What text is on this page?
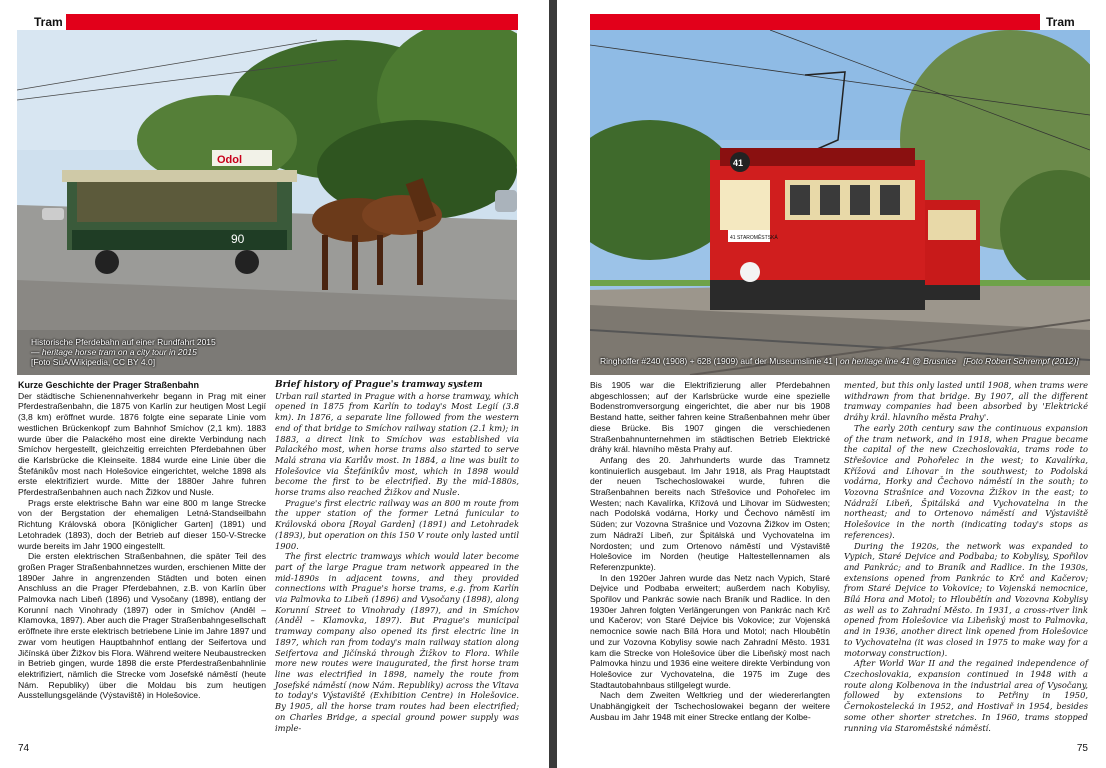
Tram
Odol
90
Historische Pferdebahn auf einer Rundfahrt 2015
— heritage horse tram on a city tour in 2015
[Foto SuA/Wikipedia, CC BY 4.0]

Kurze Geschichte der Prager Straßenbahn

Der städtische Schienennahverkehr begann in Prag mit einer Pferdestraßenbahn, die 1875 von Karlín zur heutigen Most Legií (3,8 km) eröffnet wurde. 1876 folgte eine separate Linie vom westlichen Brückenkopf zum Bahnhof Smíchov (2,1 km). 1883 wurde über die Palackého most eine direkte Verbindung nach Smíchov hergestellt, gleichzeitig erreichten Pferdebahnen über die Karlsbrücke die Kleinseite. 1884 wurde eine Linie über die Štefánikův most nach Holešovice eingerichtet, welche 1898 als erste elektrifiziert wurde. Mitte der 1880er Jahre fuhren Pferdestraßenbahnen auch nach Žižkov und Nusle.

Prags erste elektrische Bahn war eine 800 m lange Strecke von der Bergstation der ehemaligen Letná-Standseilbahn Richtung Královská obora [Königlicher Garten] (1891) und Letohradek (1893), doch der Betrieb auf dieser 150-V-Strecke wurde bereits im Jahr 1900 eingestellt.

Die ersten elektrischen Straßenbahnen, die später Teil des großen Prager Straßenbahnnetzes wurden, erschienen Mitte der 1890er Jahre in angrenzenden Städten und boten einen Anschluss an die Prager Pferdebahnen, z.B. von Karlín über Palmovka nach Libeň (1896) und Vysočany (1898), entlang der Korunní nach Vinohrady (1897) oder in Smíchov (Anděl – Klamovka, 1897). Aber auch die Prager Straßenbahngesellschaft eröffnete ihre erste elektrisch betriebene Linie im Jahre 1897 und zwar vom heutigen Hauptbahnhof entlang der Seifertova und Jičínská über Žižkov bis Flora. Während weitere Neubaustrecken in Betrieb gingen, wurde 1898 die erste Pferdestraßenbahnlinie elektrifiziert, nämlich die Strecke vom Josefské náměstí (heute Nám. Republiky) über die Moldau bis zum heutigen Ausstellungsgelände (Výstaviště) in Holešovice.

Brief history of Prague's tramway system

Urban rail started in Prague with a horse tramway, which opened in 1875 from Karlín to today's Most Legií (3.8 km). In 1876, a separate line followed from the western end of that bridge to Smíchov railway station (2.1 km); in 1883, a direct link to Smíchov was established via Palackého most, when horse trams also started to serve Malá strana via Karlův most. In 1884, a line was built to Holešovice via Štefánikův most, which in 1898 would become the first to be electrified. By the mid-1880s, horse trams also reached Žižkov and Nusle.

Prague's first electric railway was an 800 m route from the upper station of the former Letná funicular to Královská obora [Royal Garden] (1891) and Letohradek (1893), but operation on this 150 V route only lasted until 1900.

The first electric tramways which would later become part of the large Prague tram network appeared in the mid-1890s in adjacent towns, and they provided connections with Prague's horse trams, e.g. from Karlín via Palmovka to Libeň (1896) and Vysočany (1898), along Korunní Street to Vinohrady (1897), and in Smíchov (Anděl – Klamovka, 1897). But Prague's municipal tramway company also opened its first electric line in 1897, which ran from today's main railway station along Seifertova and Jičínská through Žižkov to Flora. While more new routes were inaugurated, the first horse tram line was electrified in 1898, namely the route from Josefské náměstí (now Nám. Republiky) across the Vltava to today's Výstaviště (Exhibition Centre) in Holešovice. By 1905, all the horse tram routes had been electrified; on Charles Bridge, a special ground power supply was imple-

74
Tram
41
41 STAROMĚSTSKÁ
Ringhoffer #240 (1908) + 628 (1909) auf der Museumslinie 41 | on heritage line 41 @ Brusnice [Foto Robert Schrempf (2012)]

Bis 1905 war die Elektrifizierung aller Pferdebahnen abgeschlossen; auf der Karlsbrücke wurde eine spezielle Bodenstromversorgung eingerichtet, die aber nur bis 1908 Bestand hatte, seither fahren keine Straßenbahnen mehr über diese Brücke. Bis 1907 gingen die verschiedenen Straßenbahnunternehmen im städtischen Betrieb Elektrické dráhy král. hlavního města Prahy auf.

Anfang des 20. Jahrhunderts wurde das Tramnetz kontinuierlich ausgebaut. Im Jahr 1918, als Prag Hauptstadt der neuen Tschechoslowakei wurde, fuhren die Straßenbahnen bereits nach Střešovice und Pohořelec im Westen; nach Kavalírka, Křížová und Lihovar im Südwesten; nach Podolská vodárna, Horky und Čechovo náměstí im Süden; zur Vozovna Strašnice und Vozovna Žižkov im Osten; zum Nádraží Libeň, zur Špitálská und Vychovatelna im Nordosten; und zum Ortenovo náměstí und Výstaviště Holešovice im Norden (heutige Haltestellennamen als Referenzpunkte).

In den 1920er Jahren wurde das Netz nach Vypich, Staré Dejvice und Podbaba erweitert; außerdem nach Kobylisy, Spořilov und Pankrác sowie nach Braník und Radlice. In den 1930er Jahren folgten Verlängerungen von Pankrác nach Krč und Kačerov; von Staré Dejvice bis Vokovice; zur Vojenská nemocnice sowie nach Bílá Hora und Motol; nach Hloubětín und zur Vozovna Kobylisy sowie nach Zahradní Město. 1931 kam die Strecke von Holešovice über die Libeňský most nach Palmovka hinzu und 1936 eine weitere direkte Verbindung von Holešovice zur Vychovatelna, die 1975 im Zuge des Stadtautobahnbaus stillgelegt wurde.

Nach dem Zweiten Weltkrieg und der wiedererlangten Unabhängigkeit der Tschechoslowakei begann der weitere Ausbau im Jahr 1948 mit einer Strecke entlang der Kolbe-

mented, but this only lasted until 1908, when trams were withdrawn from that bridge. By 1907, all the different tramway companies had been absorbed by 'Elektrické dráhy král. hlavního města Prahy'.

The early 20th century saw the continuous expansion of the tram network, and in 1918, when Prague became the capital of the new Czechoslovakia, trams rode to Střešovice and Pohořelec in the west; to Kavalírka, Křížová and Lihovar in the southwest; to Podolská vodárna, Horky and Čechovo náměstí in the south; to Vozovna Strašnice and Vozovna Žižkov in the east; to Nádraží Libeň, Špitálská and Vychovatelna in the northeast; and to Ortenovo náměstí and Výstaviště Holešovice in the north (indicating today's stops as references).

During the 1920s, the network was expanded to Vypich, Staré Dejvice and Podbaba; to Kobylisy, Spořilov and Pankrác; and to Braník and Radlice. In the 1930s, extensions opened from Pankrác to Krč and Kačerov; from Staré Dejvice to Vokovice; to Vojenská nemocnice, Bílá Hora and Motol; to Hloubětín and Vozovna Kobylisy as well as to Zahradní Město. In 1931, a cross-river link opened from Holešovice via Libeňský most to Palmovka, and in 1936, another direct link opened from Holešovice to Vychovatelna (it was closed in 1975 to make way for a motorway construction).

After World War II and the regained independence of Czechoslovakia, expansion continued in 1948 with a route along Kolbenova in the industrial area of Vysočany, followed by extensions to Petřiny in 1950, Černokostelecká in 1952, and Hostivař in 1954, besides some other shorter stretches. In 1960, trams stopped running via Staroměstské náměstí.

75
